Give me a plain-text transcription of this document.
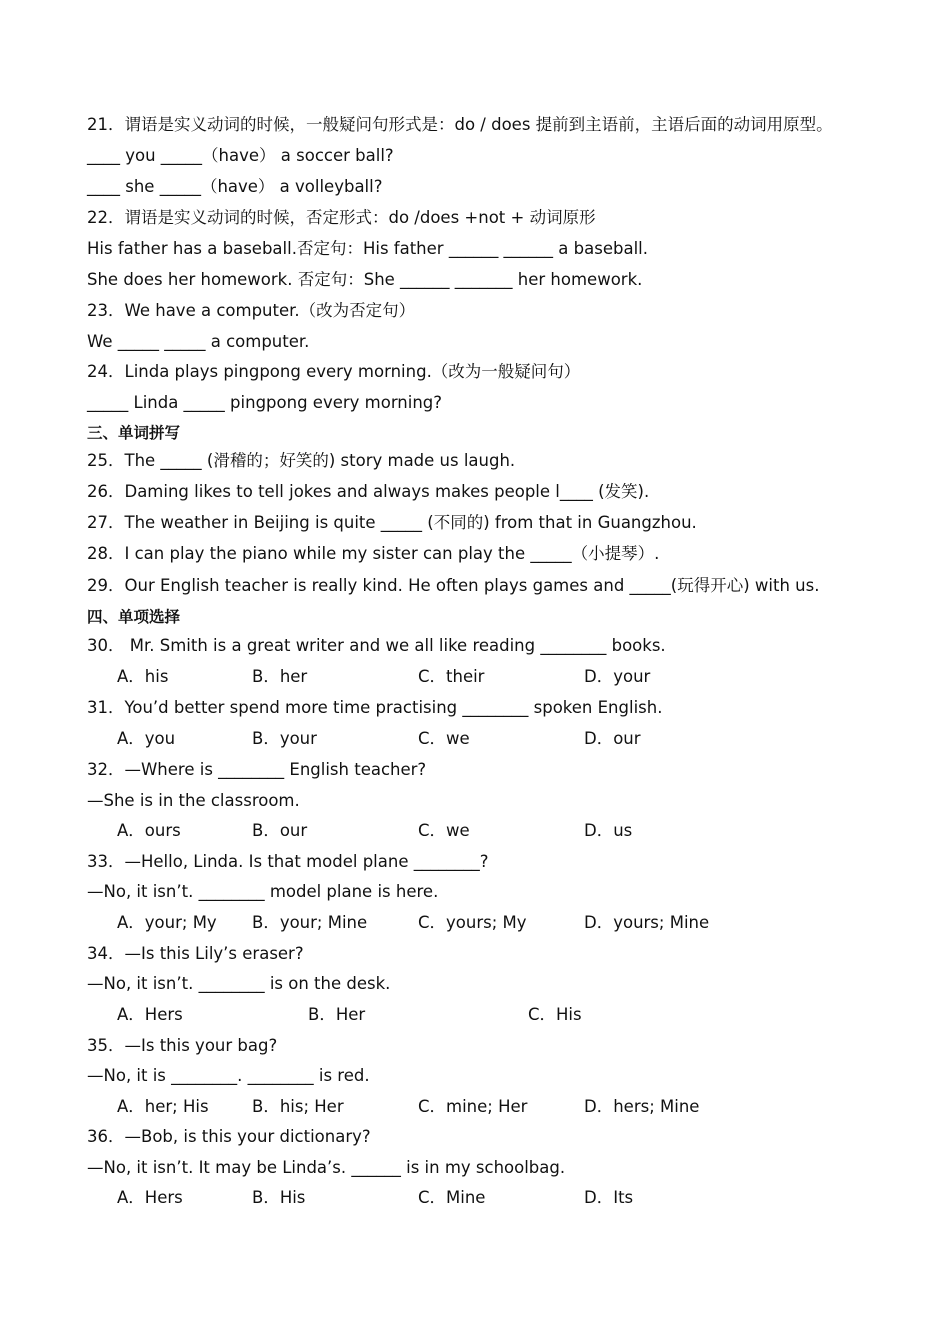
21．谓语是实义动词的时候，一般疑问句形式是：do / does 提前到主语前，主语后面的动词用原型。
____ you _____（have） a soccer ball?
____ she _____（have） a volleyball?
22．谓语是实义动词的时候，否定形式：do /does +not + 动词原形
His father has a baseball.否定句：His father ______ ______ a baseball.
She does her homework. 否定句：She ______ _______ her homework.
23．We have a computer.（改为否定句）
We _____ _____ a computer.
24．Linda plays pingpong every morning.（改为一般疑问句）
_____ Linda _____ pingpong every morning?
三、单词拼写
25．The _____ (滑稽的；好笑的) story made us laugh.
26．Daming likes to tell jokes and always makes people l____ (发笑).
27．The weather in Beijing is quite _____ (不同的) from that in Guangzhou.
28．I can play the piano while my sister can play the _____（小提琴）.
29．Our English teacher is really kind. He often plays games and _____(玩得开心) with us.
四、单项选择
30． Mr. Smith is a great writer and we all like reading ________ books.
A．his	B．her	C．their	D．your
31．You’d better spend more time practising ________ spoken English.
A．you	B．your	C．we	D．our
32．—Where is ________ English teacher?
—She is in the classroom.
A．ours	B．our	C．we	D．us
33．—Hello, Linda. Is that model plane ________?
—No, it isn’t. ________ model plane is here.
A．your; My B．your; Mine	C．yours; My	D．yours; Mine
34．—Is this Lily’s eraser?
—No, it isn’t. ________ is on the desk.
A．Hers	B．Her	C．His
35．—Is this your bag?
—No, it is ________. ________ is red.
A．her; His	B．his; Her	C．mine; Her	D．hers; Mine
36．—Bob, is this your dictionary?
—No, it isn’t. It may be Linda’s. ______ is in my schoolbag.
A．Hers	B．His	C．Mine	D．Its
